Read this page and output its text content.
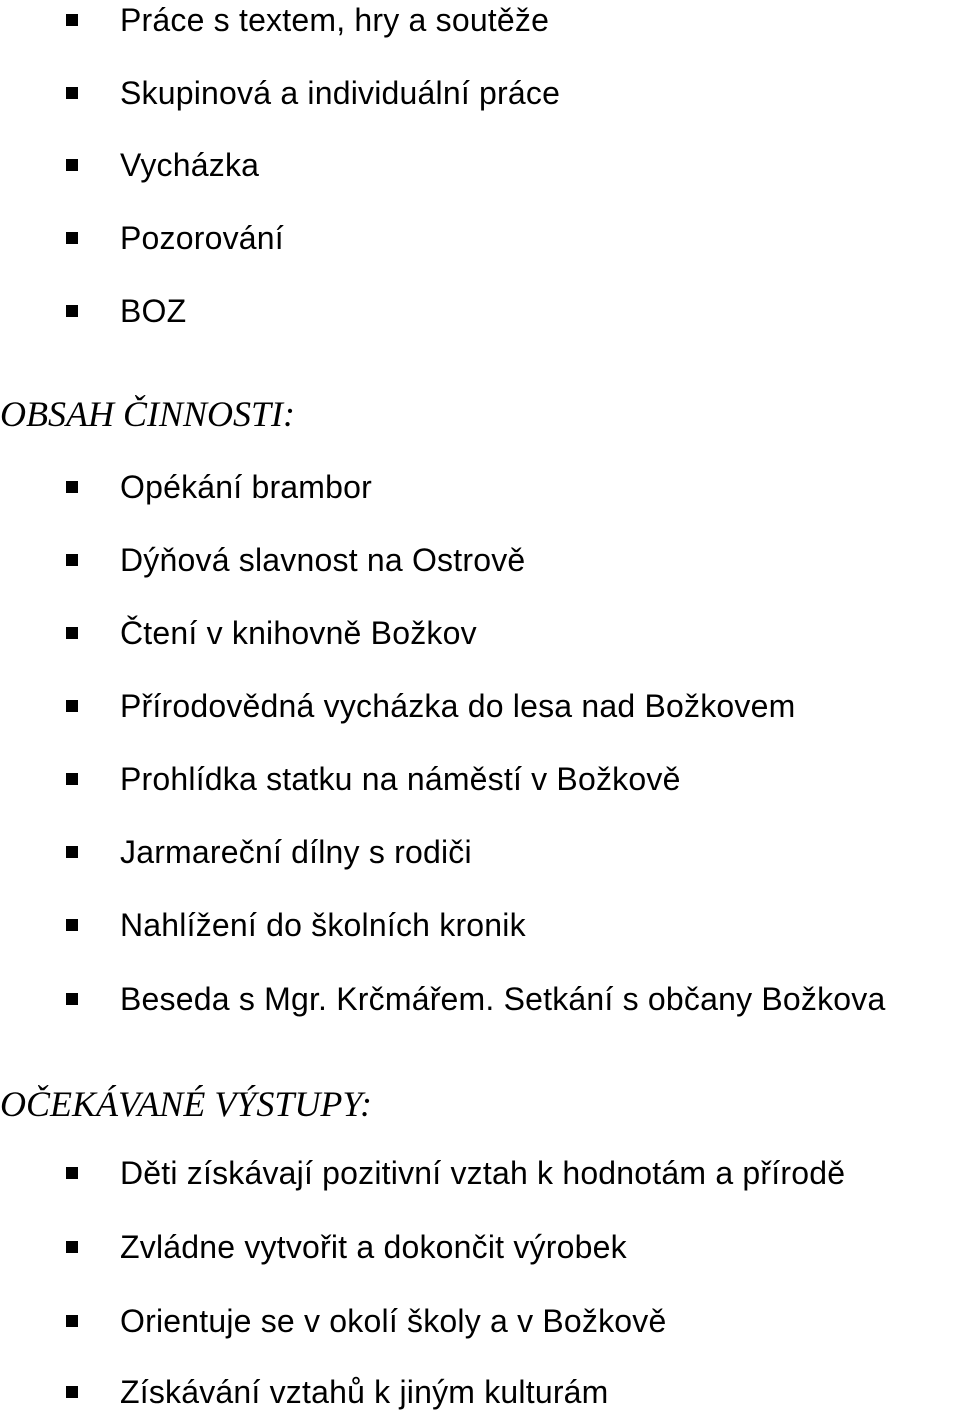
Práce s textem, hry a soutěže
Skupinová a individuální práce
Vycházka
Pozorování
BOZ
OBSAH ČINNOSTI:
Opékání brambor
Dýňová slavnost na Ostrově
Čtení v knihovně Božkov
Přírodovědná vycházka do lesa nad Božkovem
Prohlídka statku na náměstí v Božkově
Jarmareční dílny s rodiči
Nahlížení do školních kronik
Beseda s Mgr. Krčmářem. Setkání s občany Božkova
OČEKÁVANÉ VÝSTUPY:
Děti získávají pozitivní vztah k hodnotám a přírodě
Zvládne vytvořit a dokončit výrobek
Orientuje se v okolí školy a v Božkově
Získávání vztahů k jiným kulturám
